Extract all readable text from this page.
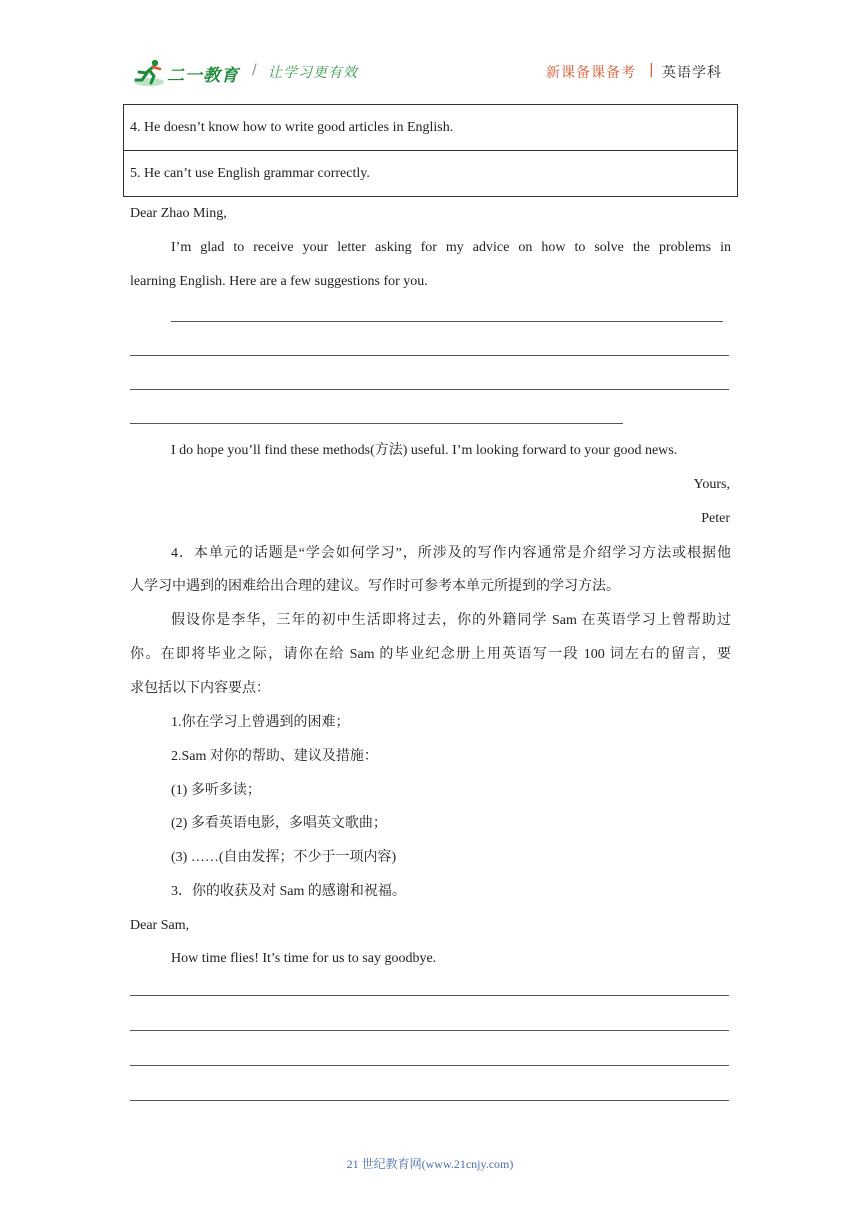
二一教育 / 让学习更有效	新课备课备考 | 英语学科
4. He doesn’t know how to write good articles in English.
5. He can’t use English grammar correctly.
Dear Zhao Ming,
I’m glad to receive your letter asking for my advice on how to solve the problems in
learning English. Here are a few suggestions for you.
I do hope you’ll find these methods(方法) useful. I’m looking forward to your good news.
Yours,
Peter
4．本单元的话题是“学会如何学习”，所涉及的写作内容通常是介绍学习方法或根据他
人学习中遇到的困难给出合理的建议。写作时可参考本单元所提到的学习方法。
假设你是李华，三年的初中生活即将过去，你的外籍同学 Sam 在英语学习上曾帮助过
你。在即将毕业之际，请你在给 Sam 的毕业纪念册上用英语写一段 100 词左右的留言，要
求包括以下内容要点：
1.你在学习上曾遇到的困难；
2.Sam 对你的帮助、建议及措施：
(1) 多听多读；
(2) 多看英语电影，多唱英文歌曲；
(3) ……(自由发挥；不少于一项内容)
3．你的收获及对 Sam 的感谢和祝福。
Dear Sam,
How time flies! It’s time for us to say goodbye.
21 世纪教育网(www.21cnjy.com)
